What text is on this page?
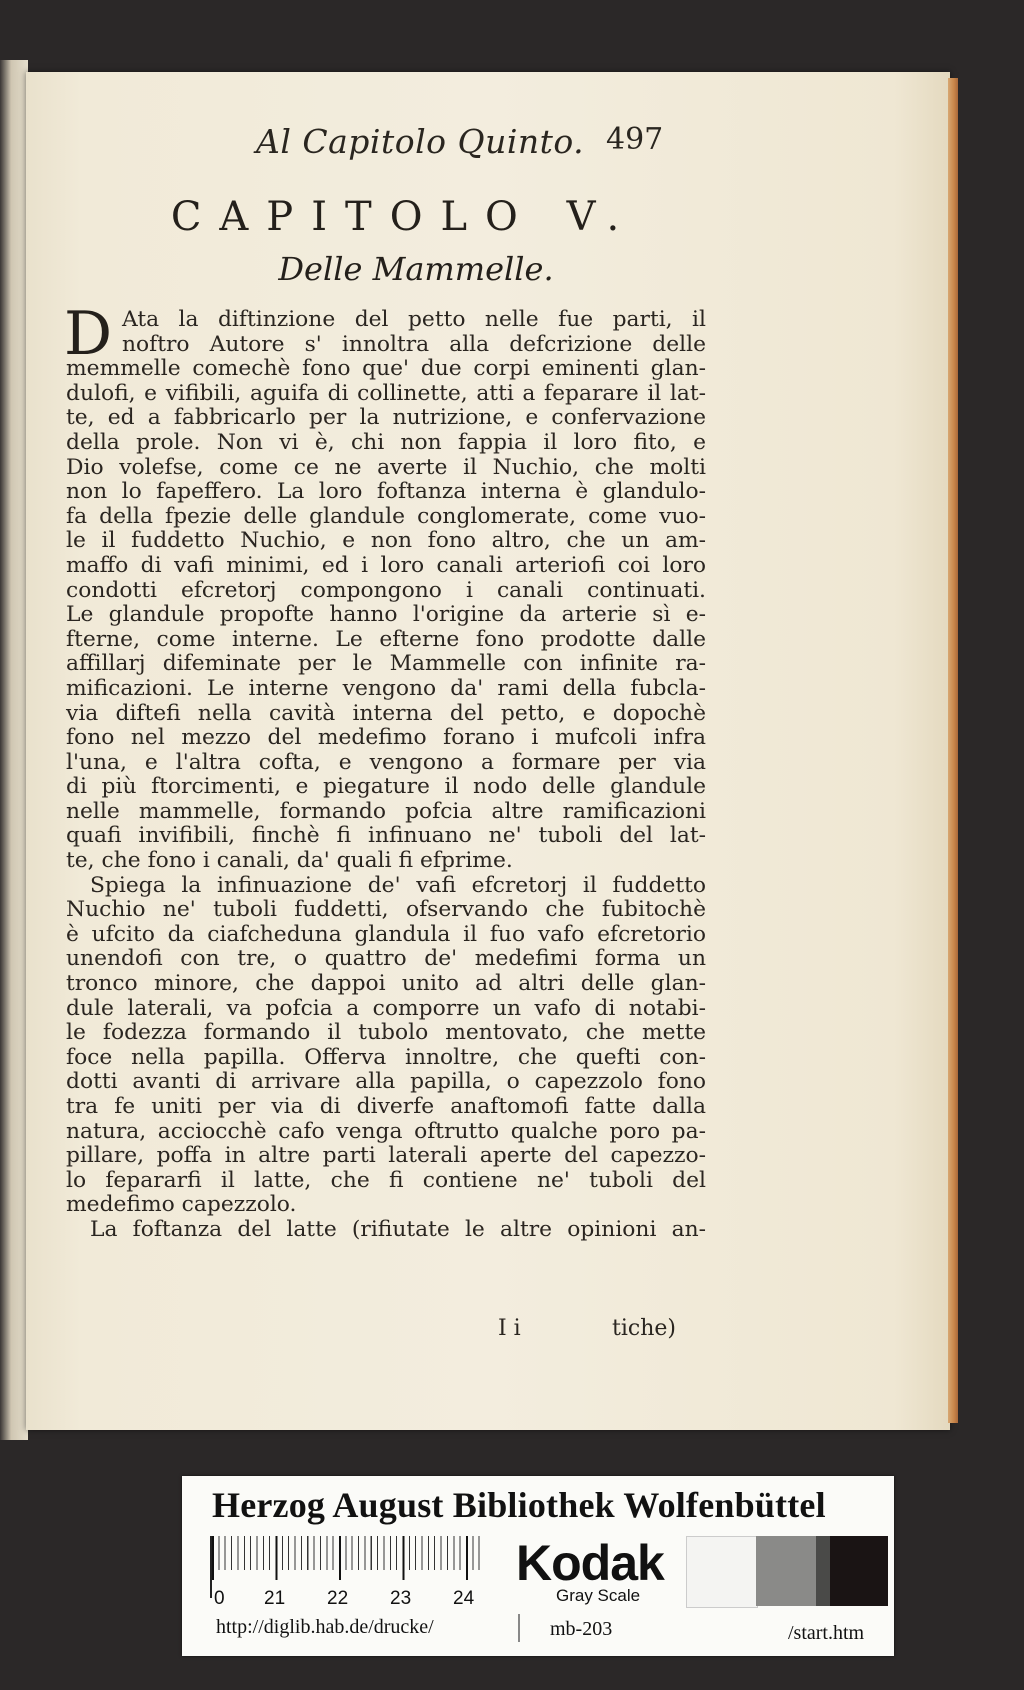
Al Capitolo Quinto. 497
CAPITOLO V.
Delle Mammelle.
D Ata la diftinzione del petto nelle fue parti, il
noftro Autore s' innoltra alla defcrizione delle
memmelle comechè fono que' due corpi eminenti glan-
dulofi, e vifibili, aguifa di collinette, atti a feparare il lat-
te, ed a fabbricarlo per la nutrizione, e confervazione
della prole. Non vi è, chi non fappia il loro fito, e
Dio volefse, come ce ne averte il Nuchio, che molti
non lo fapeffero. La loro foftanza interna è glandulo-
fa della fpezie delle glandule conglomerate, come vuo-
le il fuddetto Nuchio, e non fono altro, che un am-
maffo di vafi minimi, ed i loro canali arteriofi coi loro
condotti efcretorj compongono i canali continuati.
Le glandule propofte hanno l'origine da arterie sì e-
fterne, come interne. Le efterne fono prodotte dalle
affillarj difeminate per le Mammelle con infinite ra-
mificazioni. Le interne vengono da' rami della fubcla-
via diftefi nella cavità interna del petto, e dopochè
fono nel mezzo del medefimo forano i mufcoli infra
l'una, e l'altra cofta, e vengono a formare per via
di più ftorcimenti, e piegature il nodo delle glandule
nelle mammelle, formando pofcia altre ramificazioni
quafi invifibili, finchè fi infinuano ne' tuboli del lat-
te, che fono i canali, da' quali fi efprime.
Spiega la infinuazione de' vafi efcretorj il fuddetto
Nuchio ne' tuboli fuddetti, ofservando che fubitochè
è ufcito da ciafcheduna glandula il fuo vafo efcretorio
unendofi con tre, o quattro de' medefimi forma un
tronco minore, che dappoi unito ad altri delle glan-
dule laterali, va pofcia a comporre un vafo di notabi-
le fodezza formando il tubolo mentovato, che mette
foce nella papilla. Offerva innoltre, che quefti con-
dotti avanti di arrivare alla papilla, o capezzolo fono
tra fe uniti per via di diverfe anaftomofi fatte dalla
natura, acciocchè cafo venga oftrutto qualche poro pa-
pillare, poffa in altre parti laterali aperte del capezzo-
lo fepararfi il latte, che fi contiene ne' tuboli del
medefimo capezzolo.
La foftanza del latte (rifiutate le altre opinioni an-
I i	tiche)
Herzog August Bibliothek Wolfenbüttel
0 21 22 23 24
Kodak
Gray Scale
http://diglib.hab.de/drucke/	mb-203	/start.htm
